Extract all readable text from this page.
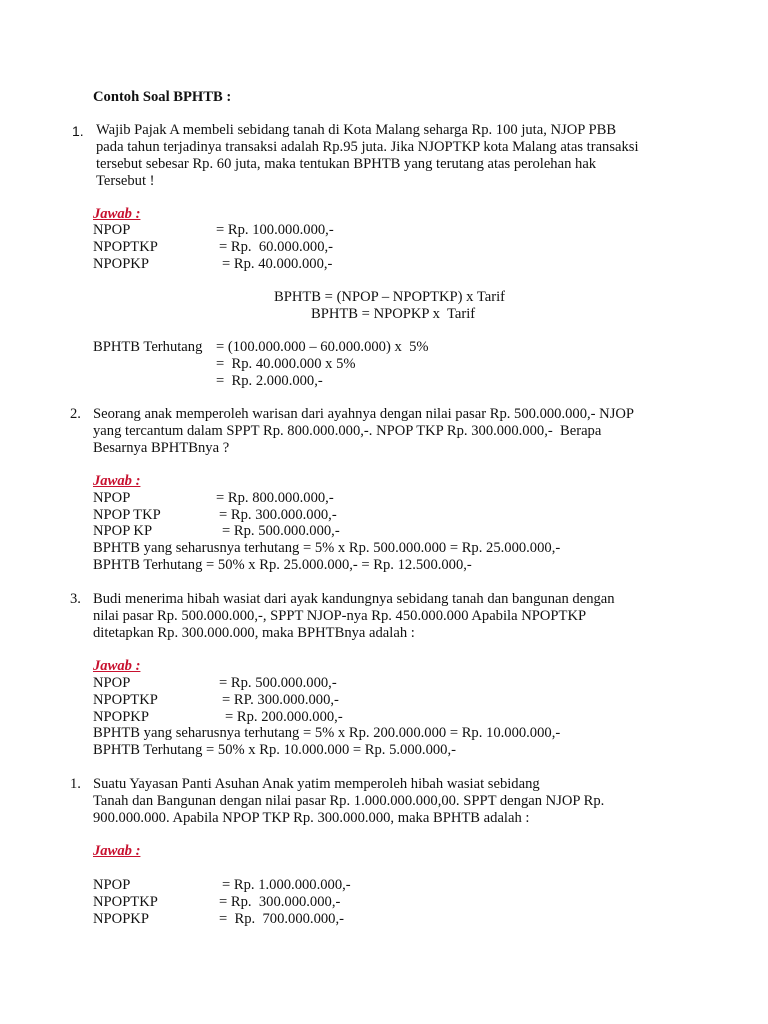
Contoh Soal BPHTB :
1. Wajib Pajak A membeli sebidang tanah di Kota Malang seharga Rp. 100 juta, NJOP PBB
pada tahun terjadinya transaksi adalah Rp.95 juta. Jika NJOPTKP kota Malang atas transaksi
tersebut sebesar Rp. 60 juta, maka tentukan BPHTB yang terutang atas perolehan hak
Tersebut !
Jawab :
NPOP	= Rp. 100.000.000,-
NPOPTKP	= Rp.  60.000.000,-
NPOPKP	= Rp. 40.000.000,-
BPHTB = (NPOP – NPOPTKP) x Tarif
BPHTB = NPOPKP x  Tarif
BPHTB Terhutang = (100.000.000 – 60.000.000) x  5%
=  Rp. 40.000.000 x 5%
=  Rp. 2.000.000,-
2. Seorang anak memperoleh warisan dari ayahnya dengan nilai pasar Rp. 500.000.000,- NJOP
yang tercantum dalam SPPT Rp. 800.000.000,-. NPOP TKP Rp. 300.000.000,-  Berapa
Besarnya BPHTBnya ?
Jawab :
NPOP	= Rp. 800.000.000,-
NPOP TKP	= Rp. 300.000.000,-
NPOP KP	= Rp. 500.000.000,-
BPHTB yang seharusnya terhutang = 5% x Rp. 500.000.000 = Rp. 25.000.000,-
BPHTB Terhutang = 50% x Rp. 25.000.000,- = Rp. 12.500.000,-
3. Budi menerima hibah wasiat dari ayak kandungnya sebidang tanah dan bangunan dengan
nilai pasar Rp. 500.000.000,-, SPPT NJOP-nya Rp. 450.000.000 Apabila NPOPTKP
ditetapkan Rp. 300.000.000, maka BPHTBnya adalah :
Jawab :
NPOP	= Rp. 500.000.000,-
NPOPTKP	= RP. 300.000.000,-
NPOPKP	= Rp. 200.000.000,-
BPHTB yang seharusnya terhutang = 5% x Rp. 200.000.000 = Rp. 10.000.000,-
BPHTB Terhutang = 50% x Rp. 10.000.000 = Rp. 5.000.000,-
1. Suatu Yayasan Panti Asuhan Anak yatim memperoleh hibah wasiat sebidang
Tanah dan Bangunan dengan nilai pasar Rp. 1.000.000.000,00. SPPT dengan NJOP Rp.
900.000.000. Apabila NPOP TKP Rp. 300.000.000, maka BPHTB adalah :
Jawab :
NPOP	= Rp. 1.000.000.000,-
NPOPTKP	= Rp.  300.000.000,-
NPOPKP	=  Rp.  700.000.000,-
